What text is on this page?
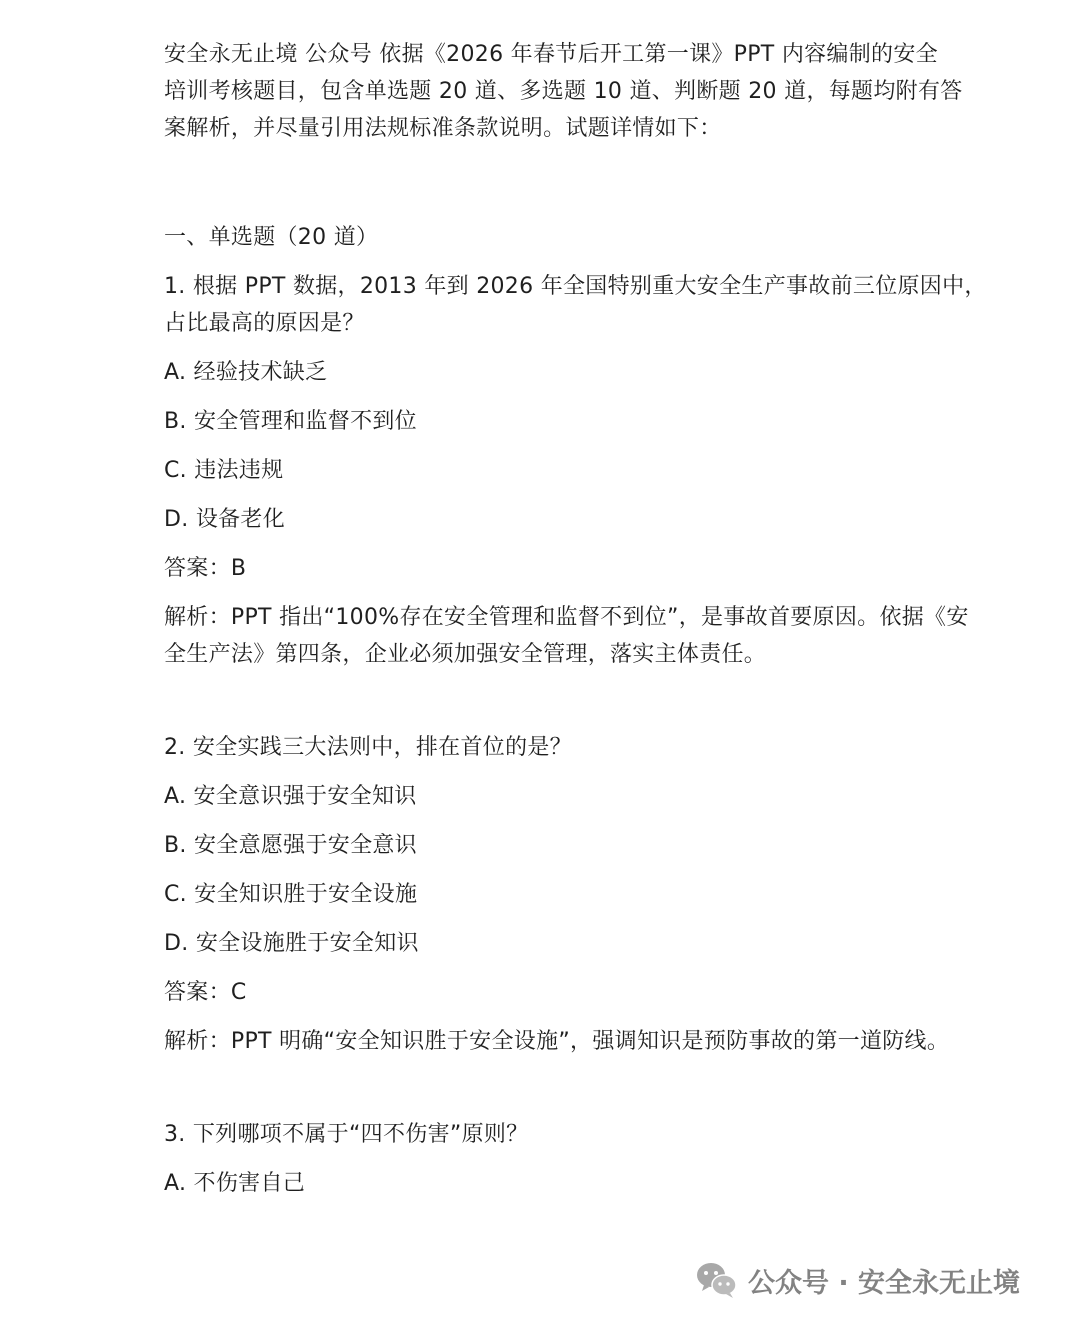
安全永无止境 公众号 依据《2026 年春节后开工第一课》PPT 内容编制的安全
培训考核题目，包含单选题 20 道、多选题 10 道、判断题 20 道，每题均附有答
案解析，并尽量引用法规标准条款说明。试题详情如下：
一、单选题（20 道）
1. 根据 PPT 数据，2013 年到 2026 年全国特别重大安全生产事故前三位原因中，
占比最高的原因是？
A. 经验技术缺乏
B. 安全管理和监督不到位
C. 违法违规
D. 设备老化
答案：B
解析：PPT 指出“100%存在安全管理和监督不到位”，是事故首要原因。依据《安
全生产法》第四条，企业必须加强安全管理，落实主体责任。
2. 安全实践三大法则中，排在首位的是？
A. 安全意识强于安全知识
B. 安全意愿强于安全意识
C. 安全知识胜于安全设施
D. 安全设施胜于安全知识
答案：C
解析：PPT 明确“安全知识胜于安全设施”，强调知识是预防事故的第一道防线。
3. 下列哪项不属于“四不伤害”原则？
A. 不伤害自己
公众号 · 安全永无止境
